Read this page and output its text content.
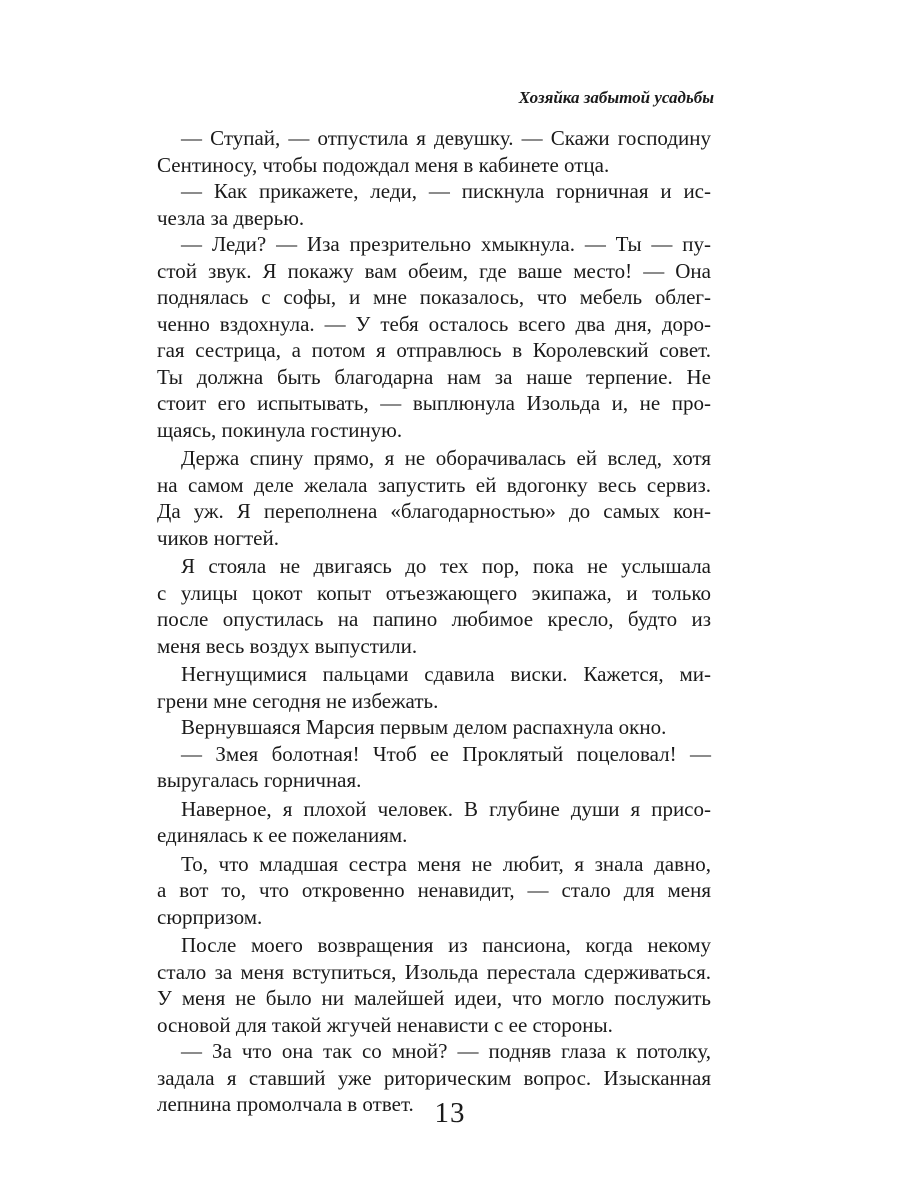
Хозяйка забытой усадьбы
— Ступай, — отпустила я девушку. — Скажи господину
Сентиносу, чтобы подождал меня в кабинете отца.
— Как прикажете, леди, — пискнула горничная и ис-
чезла за дверью.
— Леди? — Иза презрительно хмыкнула. — Ты — пу-
стой звук. Я покажу вам обеим, где ваше место! — Она
поднялась с софы, и мне показалось, что мебель облег-
ченно вздохнула. — У тебя осталось всего два дня, доро-
гая сестрица, а потом я отправлюсь в Королевский совет.
Ты должна быть благодарна нам за наше терпение. Не
стоит его испытывать, — выплюнула Изольда и, не про-
щаясь, покинула гостиную.
Держа спину прямо, я не оборачивалась ей вслед, хотя
на самом деле желала запустить ей вдогонку весь сервиз.
Да уж. Я переполнена «благодарностью» до самых кон-
чиков ногтей.
Я стояла не двигаясь до тех пор, пока не услышала
с улицы цокот копыт отъезжающего экипажа, и только
после опустилась на папино любимое кресло, будто из
меня весь воздух выпустили.
Негнущимися пальцами сдавила виски. Кажется, ми-
грени мне сегодня не избежать.
Вернувшаяся Марсия первым делом распахнула окно.
— Змея болотная! Чтоб ее Проклятый поцеловал! —
выругалась горничная.
Наверное, я плохой человек. В глубине души я присо-
единялась к ее пожеланиям.
То, что младшая сестра меня не любит, я знала давно,
а вот то, что откровенно ненавидит, — стало для меня
сюрпризом.
После моего возвращения из пансиона, когда некому
стало за меня вступиться, Изольда перестала сдерживаться.
У меня не было ни малейшей идеи, что могло послужить
основой для такой жгучей ненависти с ее стороны.
— За что она так со мной? — подняв глаза к потолку,
задала я ставший уже риторическим вопрос. Изысканная
лепнина промолчала в ответ. 13
